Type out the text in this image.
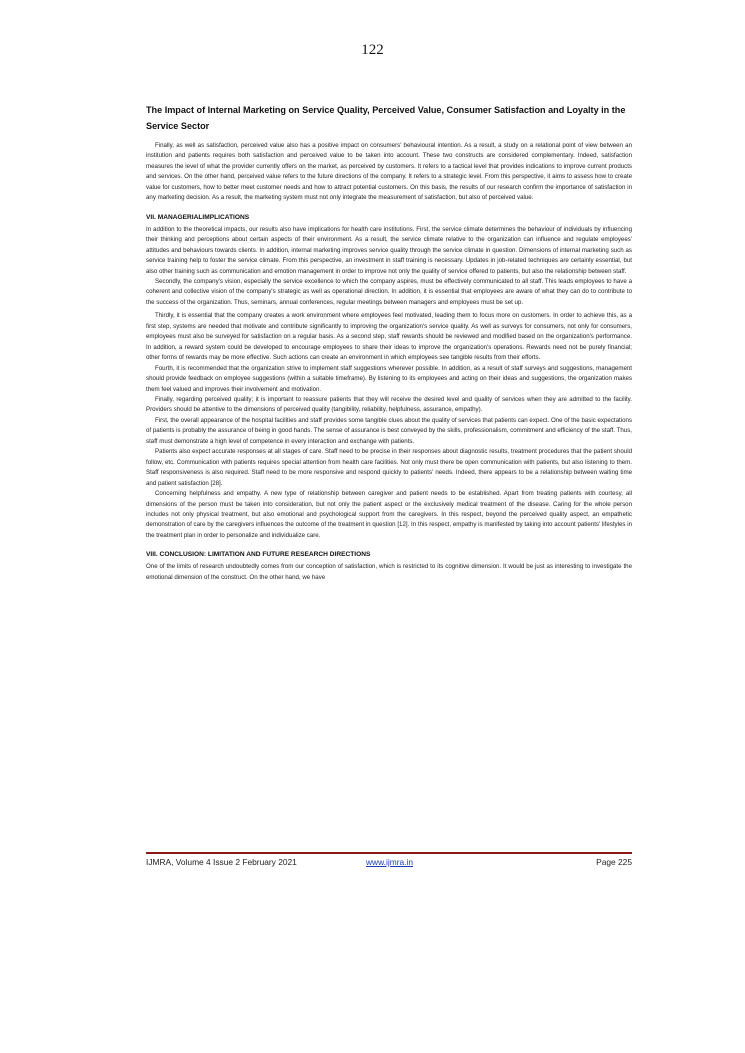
122
The Impact of Internal Marketing on Service Quality, Perceived Value, Consumer Satisfaction and Loyalty in the Service Sector

Finally, as well as satisfaction, perceived value also has a positive impact on consumers' behavioural intention. As a result, a study on a relational point of view between an institution and patients requires both satisfaction and perceived value to be taken into account. These two constructs are considered complementary. Indeed, satisfaction measures the level of what the provider currently offers on the market, as perceived by customers. It refers to a tactical level that provides indications to improve current products and services. On the other hand, perceived value refers to the future directions of the company. It refers to a strategic level. From this perspective, it aims to assess how to create value for customers, how to better meet customer needs and how to attract potential customers. On this basis, the results of our research confirm the importance of satisfaction in any marketing decision. As a result, the marketing system must not only integrate the measurement of satisfaction, but also of perceived value.

VII. MANAGERIALIMPLICATIONS

In addition to the theoretical impacts, our results also have implications for health care institutions. First, the service climate determines the behaviour of individuals by influencing their thinking and perceptions about certain aspects of their environment. As a result, the service climate relative to the organization can influence and regulate employees' attitudes and behaviours towards clients. In addition, internal marketing improves service quality through the service climate in question. Dimensions of internal marketing such as service training help to foster the service climate. From this perspective, an investment in staff training is necessary. Updates in job-related techniques are certainly essential, but also other training such as communication and emotion management in order to improve not only the quality of service offered to patients, but also the relationship between staff.

Secondly, the company's vision, especially the service excellence to which the company aspires, must be effectively communicated to all staff. This leads employees to have a coherent and collective vision of the company's strategic as well as operational direction. In addition, it is essential that employees are aware of what they can do to contribute to the success of the organization. Thus, seminars, annual conferences, regular meetings between managers and employees must be set up.

Thirdly, it is essential that the company creates a work environment where employees feel motivated, leading them to focus more on customers. In order to achieve this, as a first step, systems are needed that motivate and contribute significantly to improving the organization's service quality. As well as surveys for consumers, not only for consumers, employees must also be surveyed for satisfaction on a regular basis. As a second step, staff rewards should be reviewed and modified based on the organization's performance. In addition, a reward system could be developed to encourage employees to share their ideas to improve the organization's operations. Rewards need not be purely financial; other forms of rewards may be more effective. Such actions can create an environment in which employees see tangible results from their efforts.

Fourth, it is recommended that the organization strive to implement staff suggestions wherever possible. In addition, as a result of staff surveys and suggestions, management should provide feedback on employee suggestions (within a suitable timeframe). By listening to its employees and acting on their ideas and suggestions, the organization makes them feel valued and improves their involvement and motivation.

Finally, regarding perceived quality; it is important to reassure patients that they will receive the desired level and quality of services when they are admitted to the facility. Providers should be attentive to the dimensions of perceived quality (tangibility, reliability, helpfulness, assurance, empathy).

First, the overall appearance of the hospital facilities and staff provides some tangible clues about the quality of services that patients can expect. One of the basic expectations of patients is probably the assurance of being in good hands. The sense of assurance is best conveyed by the skills, professionalism, commitment and efficiency of the staff. Thus, staff must demonstrate a high level of competence in every interaction and exchange with patients.

Patients also expect accurate responses at all stages of care. Staff need to be precise in their responses about diagnostic results, treatment procedures that the patient should follow, etc. Communication with patients requires special attention from health care facilities. Not only must there be open communication with patients, but also listening to them. Staff responsiveness is also required. Staff need to be more responsive and respond quickly to patients' needs. Indeed, there appears to be a relationship between waiting time and patient satisfaction [28].

Concerning helpfulness and empathy. A new type of relationship between caregiver and patient needs to be established. Apart from treating patients with courtesy, all dimensions of the person must be taken into consideration, but not only the patient aspect or the exclusively medical treatment of the disease. Caring for the whole person includes not only physical treatment, but also emotional and psychological support from the caregivers. In this respect, beyond the perceived quality aspect, an empathetic demonstration of care by the caregivers influences the outcome of the treatment in question [12]. In this respect, empathy is manifested by taking into account patients' lifestyles in the treatment plan in order to personalize and individualize care.

VIII. CONCLUSION: LIMITATION AND FUTURE RESEARCH DIRECTIONS

One of the limits of research undoubtedly comes from our conception of satisfaction, which is restricted to its cognitive dimension. It would be just as interesting to investigate the emotional dimension of the construct. On the other hand, we have

IJMRA, Volume 4 Issue 2 February 2021	www.ijmra.in	Page 225
